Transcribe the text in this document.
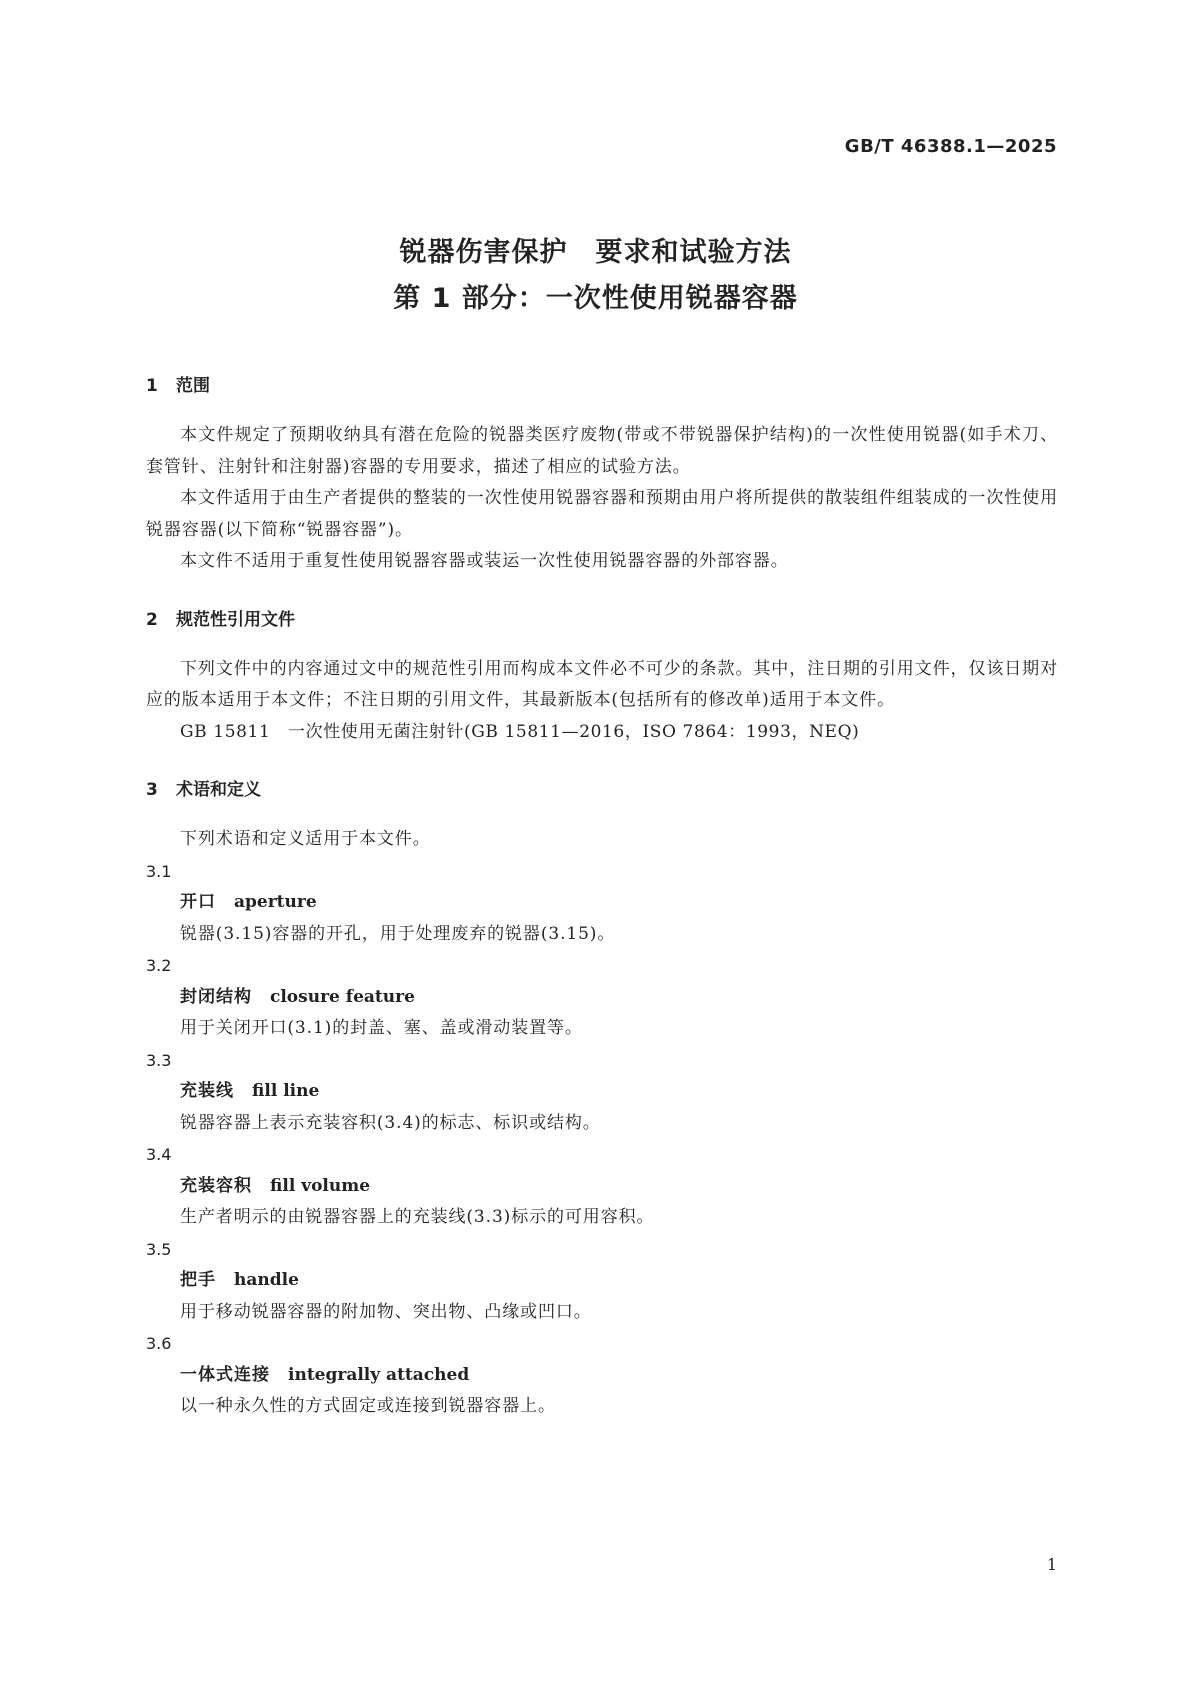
GB/T 46388.1—2025
锐器伤害保护　要求和试验方法
第 1 部分：一次性使用锐器容器
1 范围
本文件规定了预期收纳具有潜在危险的锐器类医疗废物(带或不带锐器保护结构)的一次性使用锐器(如手术刀、套管针、注射针和注射器)容器的专用要求，描述了相应的试验方法。
本文件适用于由生产者提供的整装的一次性使用锐器容器和预期由用户将所提供的散装组件组装成的一次性使用锐器容器(以下简称“锐器容器”)。
本文件不适用于重复性使用锐器容器或装运一次性使用锐器容器的外部容器。
2 规范性引用文件
下列文件中的内容通过文中的规范性引用而构成本文件必不可少的条款。其中，注日期的引用文件，仅该日期对应的版本适用于本文件；不注日期的引用文件，其最新版本(包括所有的修改单)适用于本文件。
GB 15811 一次性使用无菌注射针(GB 15811—2016，ISO 7864：1993，NEQ)
3 术语和定义
下列术语和定义适用于本文件。
3.1
开口 aperture
锐器(3.15)容器的开孔，用于处理废弃的锐器(3.15)。
3.2
封闭结构 closure feature
用于关闭开口(3.1)的封盖、塞、盖或滑动装置等。
3.3
充装线 fill line
锐器容器上表示充装容积(3.4)的标志、标识或结构。
3.4
充装容积 fill volume
生产者明示的由锐器容器上的充装线(3.3)标示的可用容积。
3.5
把手 handle
用于移动锐器容器的附加物、突出物、凸缘或凹口。
3.6
一体式连接 integrally attached
以一种永久性的方式固定或连接到锐器容器上。
1
